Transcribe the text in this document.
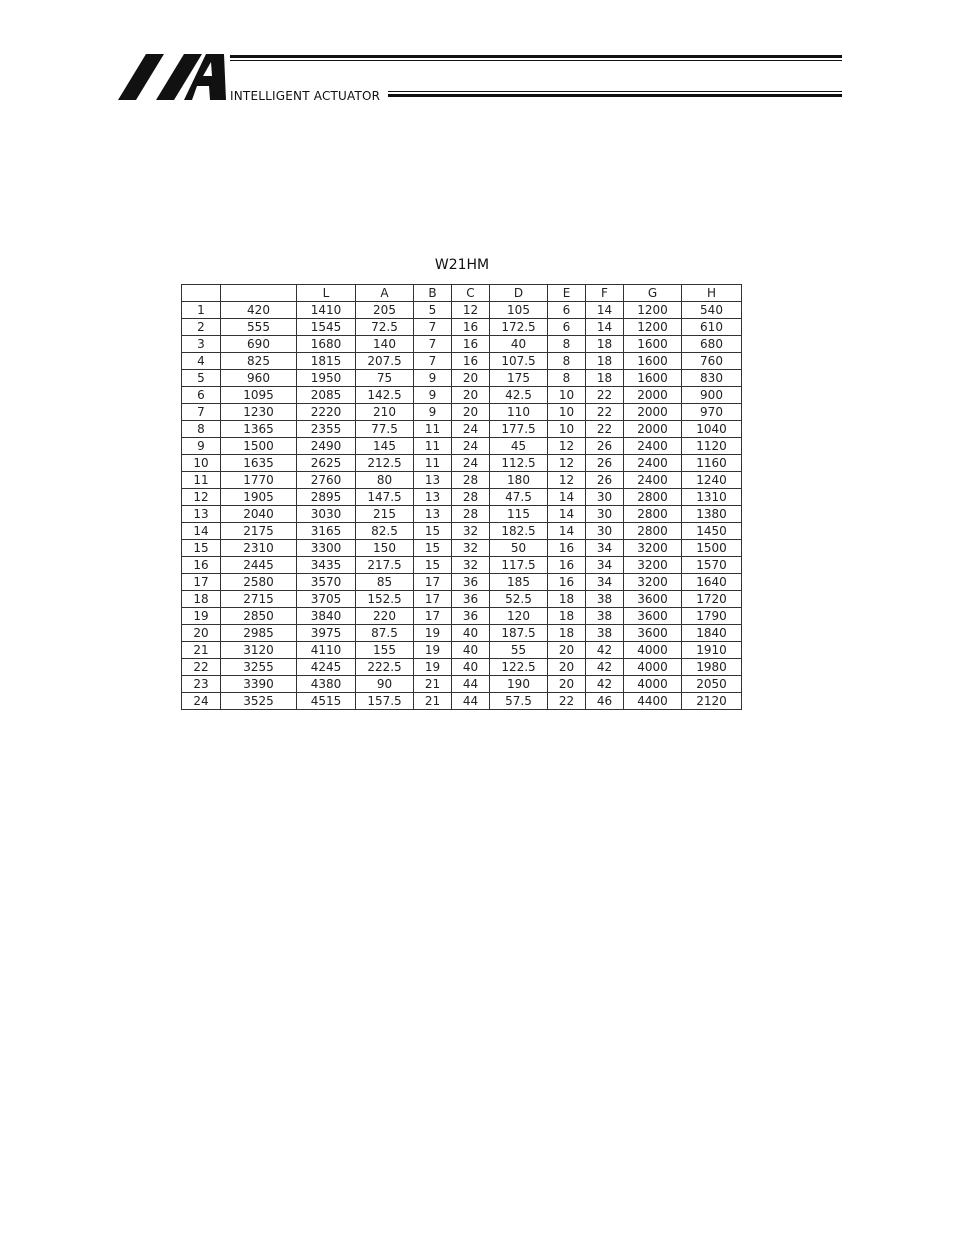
INTELLIGENT ACTUATOR
W21HM
		L	A	B	C	D	E	F	G	H
1	420	1410	205	5	12	105	6	14	1200	540
2	555	1545	72.5	7	16	172.5	6	14	1200	610
3	690	1680	140	7	16	40	8	18	1600	680
4	825	1815	207.5	7	16	107.5	8	18	1600	760
5	960	1950	75	9	20	175	8	18	1600	830
6	1095	2085	142.5	9	20	42.5	10	22	2000	900
7	1230	2220	210	9	20	110	10	22	2000	970
8	1365	2355	77.5	11	24	177.5	10	22	2000	1040
9	1500	2490	145	11	24	45	12	26	2400	1120
10	1635	2625	212.5	11	24	112.5	12	26	2400	1160
11	1770	2760	80	13	28	180	12	26	2400	1240
12	1905	2895	147.5	13	28	47.5	14	30	2800	1310
13	2040	3030	215	13	28	115	14	30	2800	1380
14	2175	3165	82.5	15	32	182.5	14	30	2800	1450
15	2310	3300	150	15	32	50	16	34	3200	1500
16	2445	3435	217.5	15	32	117.5	16	34	3200	1570
17	2580	3570	85	17	36	185	16	34	3200	1640
18	2715	3705	152.5	17	36	52.5	18	38	3600	1720
19	2850	3840	220	17	36	120	18	38	3600	1790
20	2985	3975	87.5	19	40	187.5	18	38	3600	1840
21	3120	4110	155	19	40	55	20	42	4000	1910
22	3255	4245	222.5	19	40	122.5	20	42	4000	1980
23	3390	4380	90	21	44	190	20	42	4000	2050
24	3525	4515	157.5	21	44	57.5	22	46	4400	2120
